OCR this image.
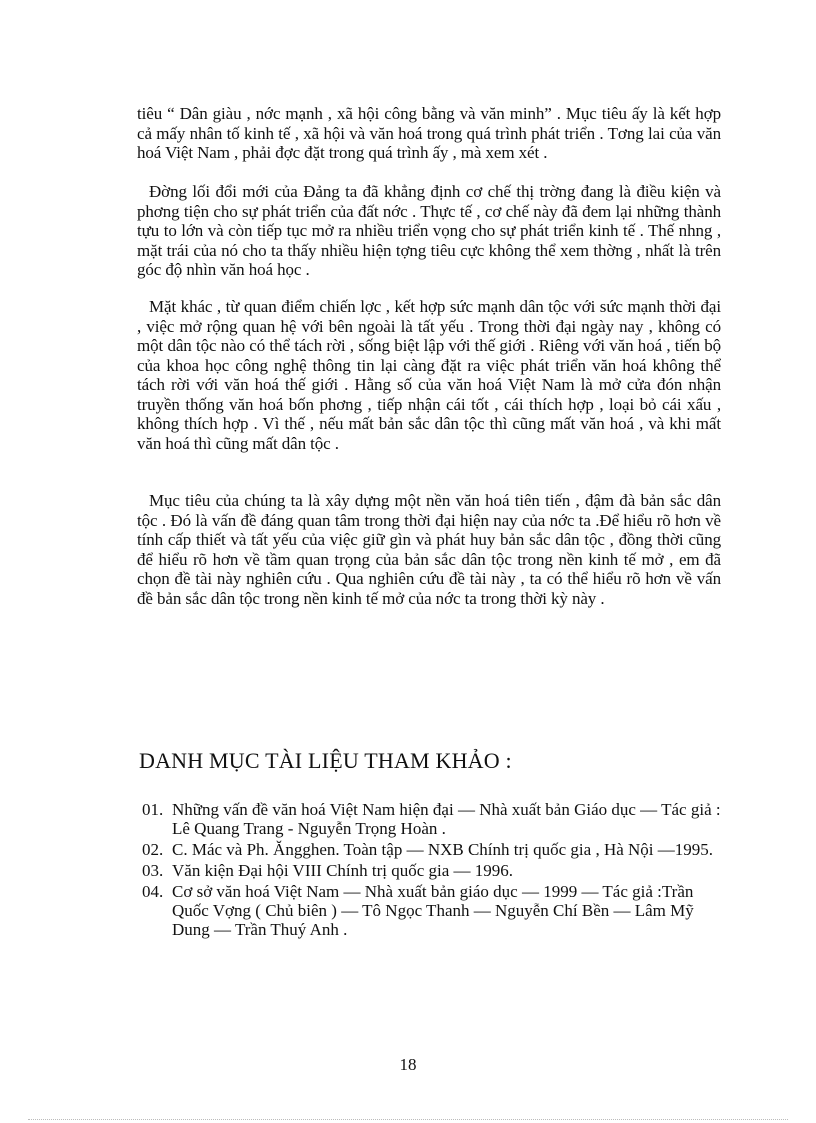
tiêu “ Dân giàu , nớc mạnh , xã hội công bằng và văn minh” . Mục tiêu ấy là kết hợp cả mấy nhân tố kinh tế , xã hội và văn hoá trong quá trình phát triển . Tơng lai của văn hoá Việt Nam , phải đợc đặt trong quá trình ấy , mà xem xét .

Đờng lối đổi mới của Đảng ta đã khẳng định cơ chế thị trờng đang là điều kiện và phơng tiện cho sự phát triển của đất nớc . Thực tế , cơ chế này đã đem lại những thành tựu to lớn và còn tiếp tục mở ra nhiều triển vọng cho sự phát triển kinh tế . Thế nhng , mặt trái của nó cho ta thấy nhiều hiện tợng tiêu cực không thể xem thờng , nhất là trên góc độ nhìn văn hoá học .

Mặt khác , từ quan điểm chiến lợc , kết hợp sức mạnh dân tộc với sức mạnh thời đại , việc mở rộng quan hệ với bên ngoài là tất yếu . Trong thời đại ngày nay , không có một dân tộc nào có thể tách rời , sống biệt lập với thế giới . Riêng với văn hoá , tiến bộ của khoa học công nghệ thông tin lại càng đặt ra việc phát triển văn hoá không thể tách rời với văn hoá thế giới . Hằng số của văn hoá Việt Nam là mở cửa đón nhận truyền thống văn hoá bốn phơng , tiếp nhận cái tốt , cái thích hợp , loại bỏ cái xấu , không thích hợp . Vì thế , nếu mất bản sắc dân tộc thì cũng mất văn hoá , và khi mất văn hoá thì cũng mất dân tộc .

Mục tiêu của chúng ta là xây dựng một nền văn hoá tiên tiến , đậm đà bản sắc dân tộc . Đó là vấn đề đáng quan tâm trong thời đại hiện nay của nớc ta .Để hiểu rõ hơn về tính cấp thiết và tất yếu của việc giữ gìn và phát huy bản sắc dân tộc , đồng thời cũng để hiểu rõ hơn về tầm quan trọng của bản sắc dân tộc trong nền kinh tế mở , em đã chọn đề tài này nghiên cứu . Qua nghiên cứu đề tài này , ta có thể hiểu rõ hơn về vấn đề bản sắc dân tộc trong nền kinh tế mở của nớc ta trong thời kỳ này .

DANH MỤC TÀI LIỆU THAM KHẢO :
01. Những vấn đề văn hoá Việt Nam hiện đại — Nhà xuất bản Giáo dục — Tác giả : Lê Quang Trang - Nguyễn Trọng Hoàn .
02. C. Mác và Ph. Ăngghen. Toàn tập — NXB Chính trị quốc gia , Hà Nội —1995.
03. Văn kiện Đại hội VIII Chính trị quốc gia — 1996.
04. Cơ sở văn hoá Việt Nam — Nhà xuất bản giáo dục — 1999 — Tác giả :Trần Quốc Vợng ( Chủ biên ) — Tô Ngọc Thanh — Nguyễn Chí Bền — Lâm Mỹ Dung — Trần Thuý Anh .

18
